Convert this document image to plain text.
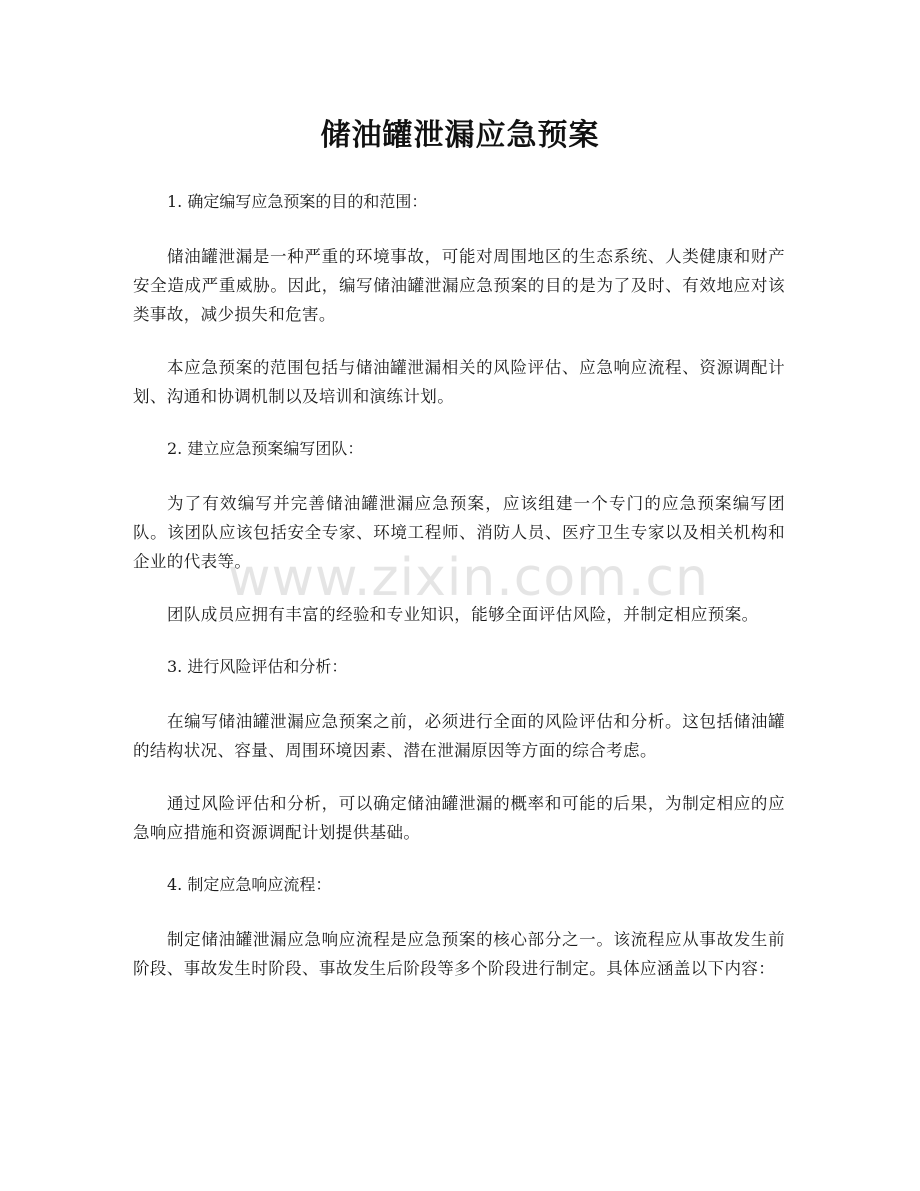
储油罐泄漏应急预案

1. 确定编写应急预案的目的和范围：

储油罐泄漏是一种严重的环境事故，可能对周围地区的生态系统、人类健康和财产安全造成严重威胁。因此，编写储油罐泄漏应急预案的目的是为了及时、有效地应对该类事故，减少损失和危害。

本应急预案的范围包括与储油罐泄漏相关的风险评估、应急响应流程、资源调配计划、沟通和协调机制以及培训和演练计划。

2. 建立应急预案编写团队：

为了有效编写并完善储油罐泄漏应急预案，应该组建一个专门的应急预案编写团队。该团队应该包括安全专家、环境工程师、消防人员、医疗卫生专家以及相关机构和企业的代表等。

团队成员应拥有丰富的经验和专业知识，能够全面评估风险，并制定相应预案。

3. 进行风险评估和分析：

在编写储油罐泄漏应急预案之前，必须进行全面的风险评估和分析。这包括储油罐的结构状况、容量、周围环境因素、潜在泄漏原因等方面的综合考虑。

通过风险评估和分析，可以确定储油罐泄漏的概率和可能的后果，为制定相应的应急响应措施和资源调配计划提供基础。

4. 制定应急响应流程：

制定储油罐泄漏应急响应流程是应急预案的核心部分之一。该流程应从事故发生前阶段、事故发生时阶段、事故发生后阶段等多个阶段进行制定。具体应涵盖以下内容：

www.zixin.com.cn
